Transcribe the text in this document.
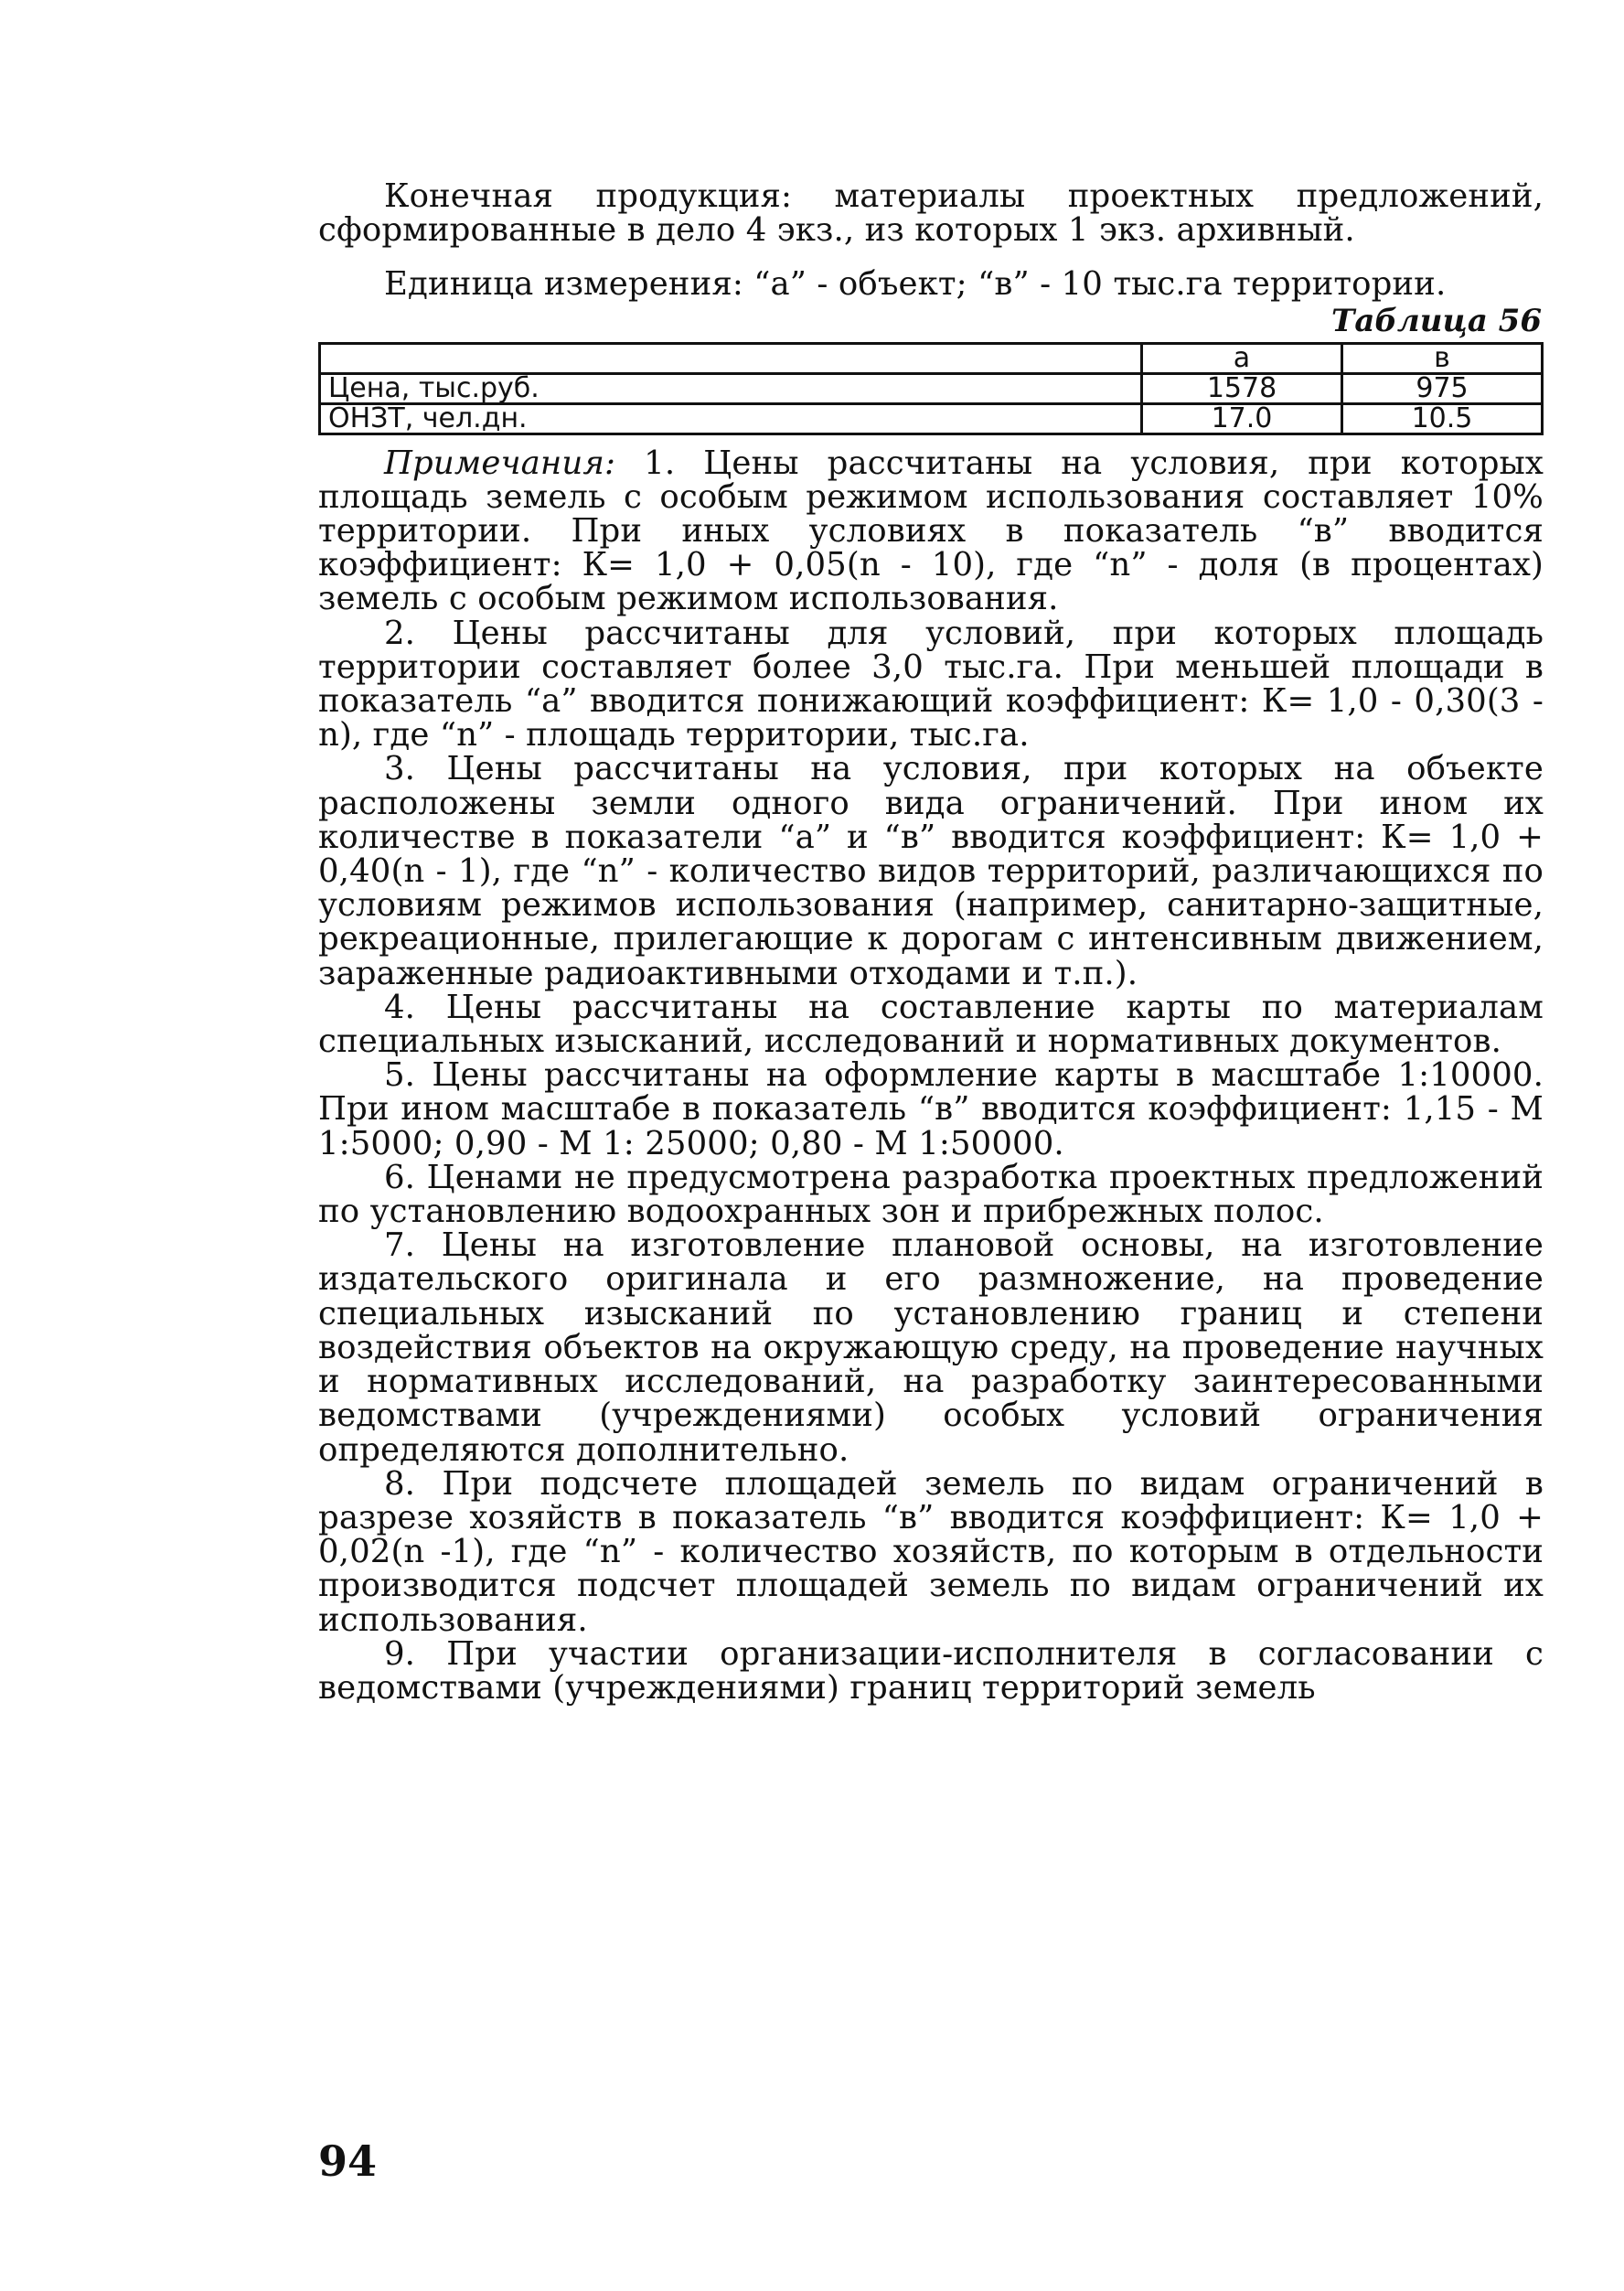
Конечная продукция: материалы проектных предложений, сформированные в дело 4 экз., из которых 1 экз. архивный.

Единица измерения: “а” - объект; “в” - 10 тыс.га территории.

Таблица 56
	а	в
Цена, тыс.руб.	1578	975
ОНЗТ, чел.дн.	17.0	10.5

Примечания: 1. Цены рассчитаны на условия, при которых площадь земель с особым режимом использования составляет 10% территории. При иных условиях в показатель “в” вводится коэффициент: К= 1,0 + 0,05(n - 10), где “n” - доля (в процентах) земель с особым режимом использования.

2. Цены рассчитаны для условий, при которых площадь территории составляет более 3,0 тыс.га. При меньшей площади в показатель “а” вводится понижающий коэффициент: К= 1,0 - 0,30(3 - n), где “n” - площадь территории, тыс.га.

3. Цены рассчитаны на условия, при которых на объекте расположены земли одного вида ограничений. При ином их количестве в показатели “а” и “в” вводится коэффициент: К= 1,0 + 0,40(n - 1), где “n” - количество видов территорий, различающихся по условиям режимов использования (например, санитарно-защитные, рекреационные, прилегающие к дорогам с интенсивным движением, зараженные радиоактивными отходами и т.п.).

4. Цены рассчитаны на составление карты по материалам специальных изысканий, исследований и нормативных документов.

5. Цены рассчитаны на оформление карты в масштабе 1:10000. При ином масштабе в показатель “в” вводится коэффициент: 1,15 - М 1:5000; 0,90 - М 1: 25000; 0,80 - М 1:50000.

6. Ценами не предусмотрена разработка проектных предложений по установлению водоохранных зон и прибрежных полос.

7. Цены на изготовление плановой основы, на изготовление издательского оригинала и его размножение, на проведение специальных изысканий по установлению границ и степени воздействия объектов на окружающую среду, на проведение научных и нормативных исследований, на разработку заинтересованными ведомствами (учреждениями) особых условий ограничения определяются дополнительно.

8. При подсчете площадей земель по видам ограничений в разрезе хозяйств в показатель “в” вводится коэффициент: К= 1,0 + 0,02(n -1), где “n” - количество хозяйств, по которым в отдельности производится подсчет площадей земель по видам ограничений их использования.

9. При участии организации-исполнителя в согласовании с ведомствами (учреждениями) границ территорий земель

94
